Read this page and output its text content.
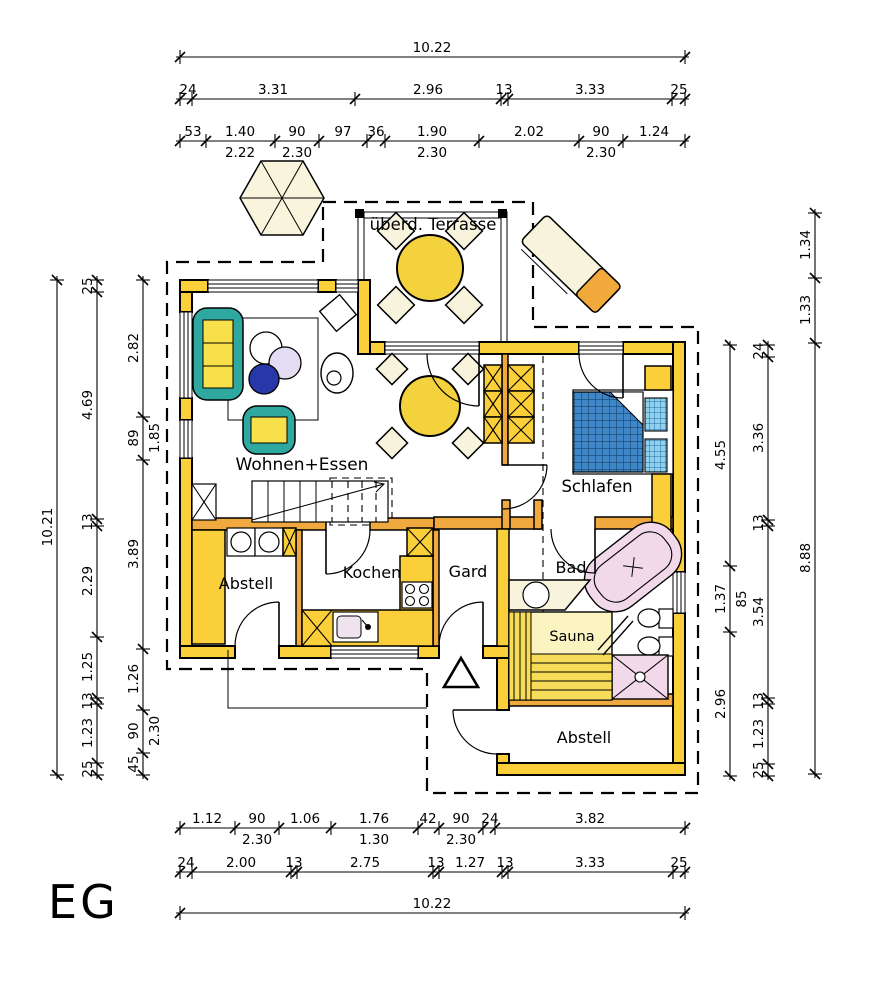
überd. Terrasse
Wohnen+Essen
Schlafen
Abstell
Kochen	Gard	Bad
Sauna
Abstell
10.22
24	3.31	2.96	13	3.33	25
53 1.40 90 97 36 1.90	2.02	90 1.24
2.22 2.30	2.30	2.30
1.12 90 1.06	1.76 42 90 24	3.82
2.30	1.30	2.30
24 2.00 13	2.75	13 1.27 13	3.33	25
10.22
10.21
25
4.69
13
2.29
1.25
13
1.23
25
2.82
89
3.89
1.26
90
45
1.85
2.30
4.55
1.37
2.96
85
24
3.36
13
3.54
13
1.23
25
1.34
1.33
8.88
EG
